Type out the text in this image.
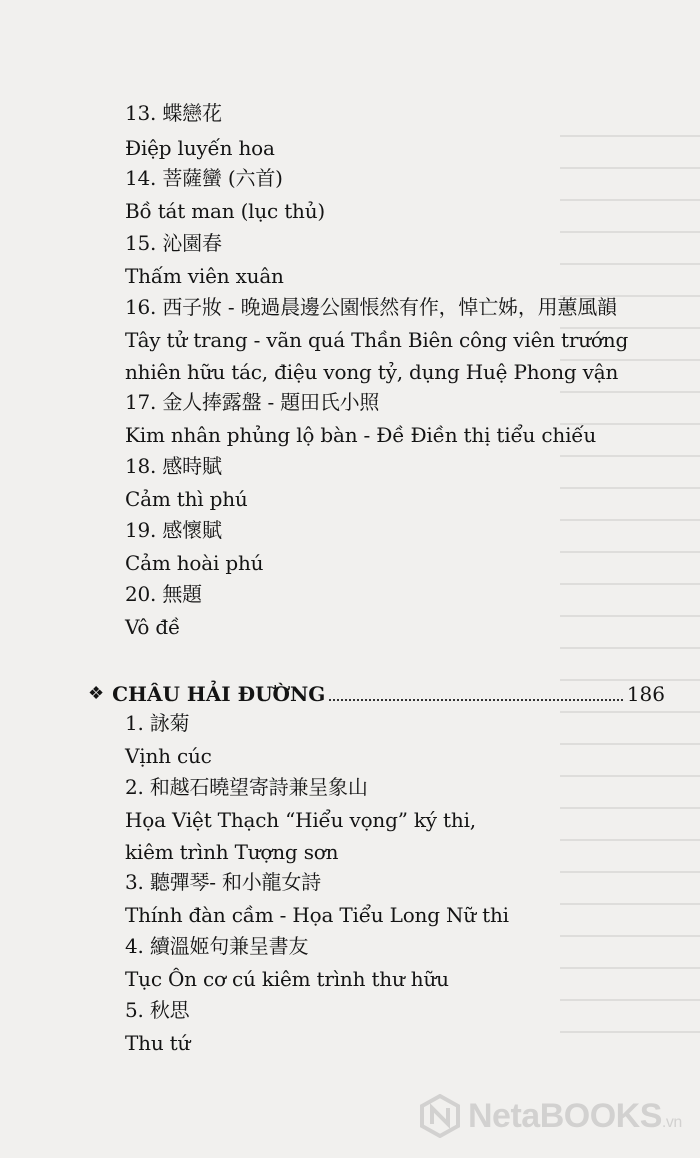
13. 蝶戀花
Điệp luyến hoa
14. 菩薩蠻 (六首)
Bồ tát man (lục thủ)
15. 沁園春
Thấm viên xuân
16. 西子妝 - 晚過晨邊公園悵然有作，悼亡姊，用蕙風韻
Tây tử trang - vãn quá Thần Biên công viên trướng
nhiên hữu tác, điệu vong tỷ, dụng Huệ Phong vận
17. 金人捧露盤 - 題田氏小照
Kim nhân phủng lộ bàn - Đề Điền thị tiểu chiếu
18. 感時賦
Cảm thì phú
19. 感懷賦
Cảm hoài phú
20. 無題
Vô đề
❖ CHÂU HẢI ĐƯỜNG	186
1. 詠菊
Vịnh cúc
2. 和越石曉望寄詩兼呈象山
Họa Việt Thạch “Hiểu vọng” ký thi,
kiêm trình Tượng sơn
3. 聽彈琴- 和小龍女詩
Thính đàn cầm - Họa Tiểu Long Nữ thi
4. 續溫姬句兼呈書友
Tục Ôn cơ cú kiêm trình thư hữu
5. 秋思
Thu tứ
NetaBOOKS.vn
